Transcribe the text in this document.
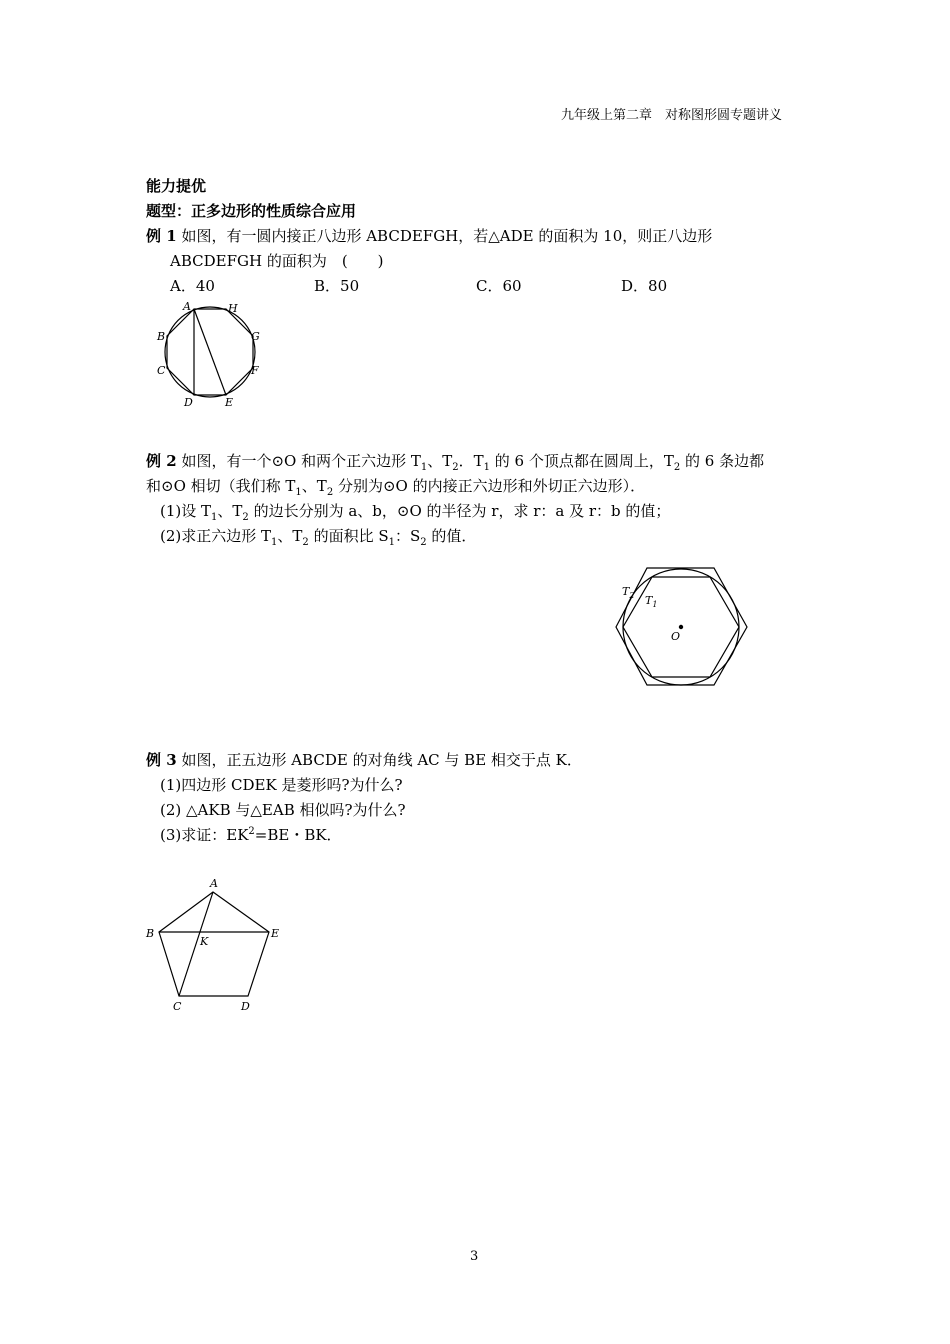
九年级上第二章　对称图形圆专题讲义
能力提优
题型：正多边形的性质综合应用
例 1 如图，有一圆内接正八边形 ABCDEFGH，若△ADE 的面积为 10，则正八边形
ABCDEFGH 的面积为　(　　)
A．40	B．50	C．60	D．80
A	H
B	G
C	F
D	E
例 2 如图，有一个⊙O 和两个正六边形 $T_1$、$T_2$．$T_1$ 的 6 个顶点都在圆周上，$T_2$ 的 6 条边都
和⊙O 相切（我们称 $T_1$、$T_2$ 分别为⊙O 的内接正六边形和外切正六边形）．
(1)设 $T_1$、$T_2$ 的边长分别为 a、b，⊙O 的半径为 r，求 r：a 及 r：b 的值；
(2)求正六边形 $T_1$、$T_2$ 的面积比 $S_1$：$S_2$ 的值．
$T_2$ $T_1$
O
例 3 如图，正五边形 ABCDE 的对角线 AC 与 BE 相交于点 K．
(1)四边形 CDEK 是菱形吗?为什么?
(2) △AKB 与△EAB 相似吗?为什么?
(3)求证：$EK^2=BE$・BK．
A
B
K
E
C	D
3
